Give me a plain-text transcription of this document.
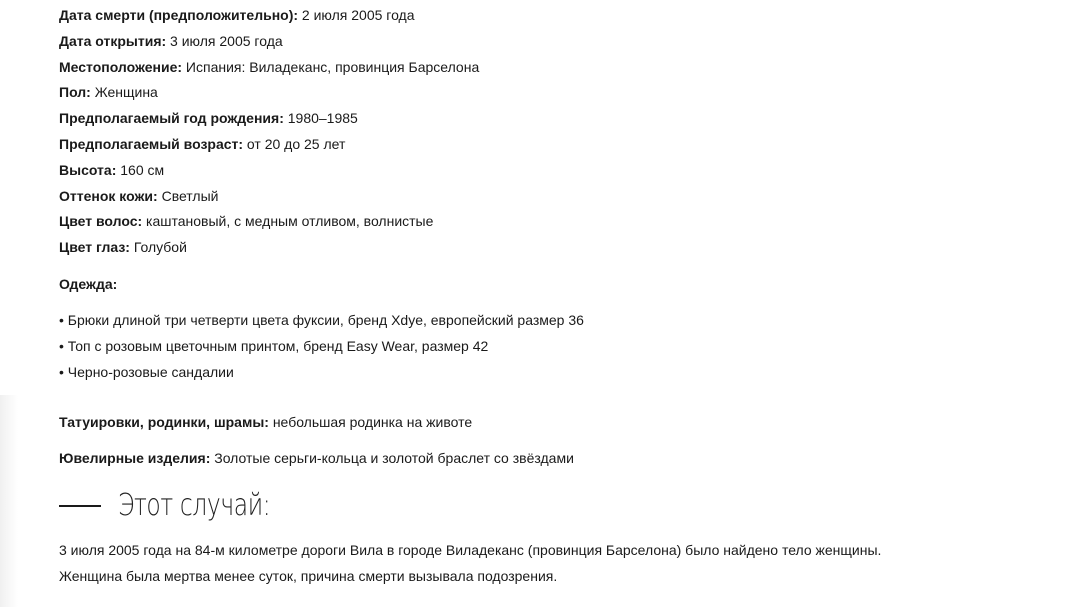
Дата смерти (предположительно): 2 июля 2005 года

Дата открытия: 3 июля 2005 года

Местоположение: Испания: Виладеканс, провинция Барселона

Пол: Женщина

Предполагаемый год рождения: 1980–1985

Предполагаемый возраст: от 20 до 25 лет

Высота: 160 см

Оттенок кожи: Светлый

Цвет волос: каштановый, с медным отливом, волнистые

Цвет глаз: Голубой

Одежда:
• Брюки длиной три четверти цвета фуксии, бренд Xdye, европейский размер 36
• Топ с розовым цветочным принтом, бренд Easy Wear, размер 42
• Черно-розовые сандалии

Татуировки, родинки, шрамы: небольшая родинка на животе

Ювелирные изделия: Золотые серьги-кольца и золотой браслет со звёздами

Этот случай:

3 июля 2005 года на 84-м километре дороги Вила в городе Виладеканс (провинция Барселона) было найдено тело женщины.
Женщина была мертва менее суток, причина смерти вызывала подозрения.
